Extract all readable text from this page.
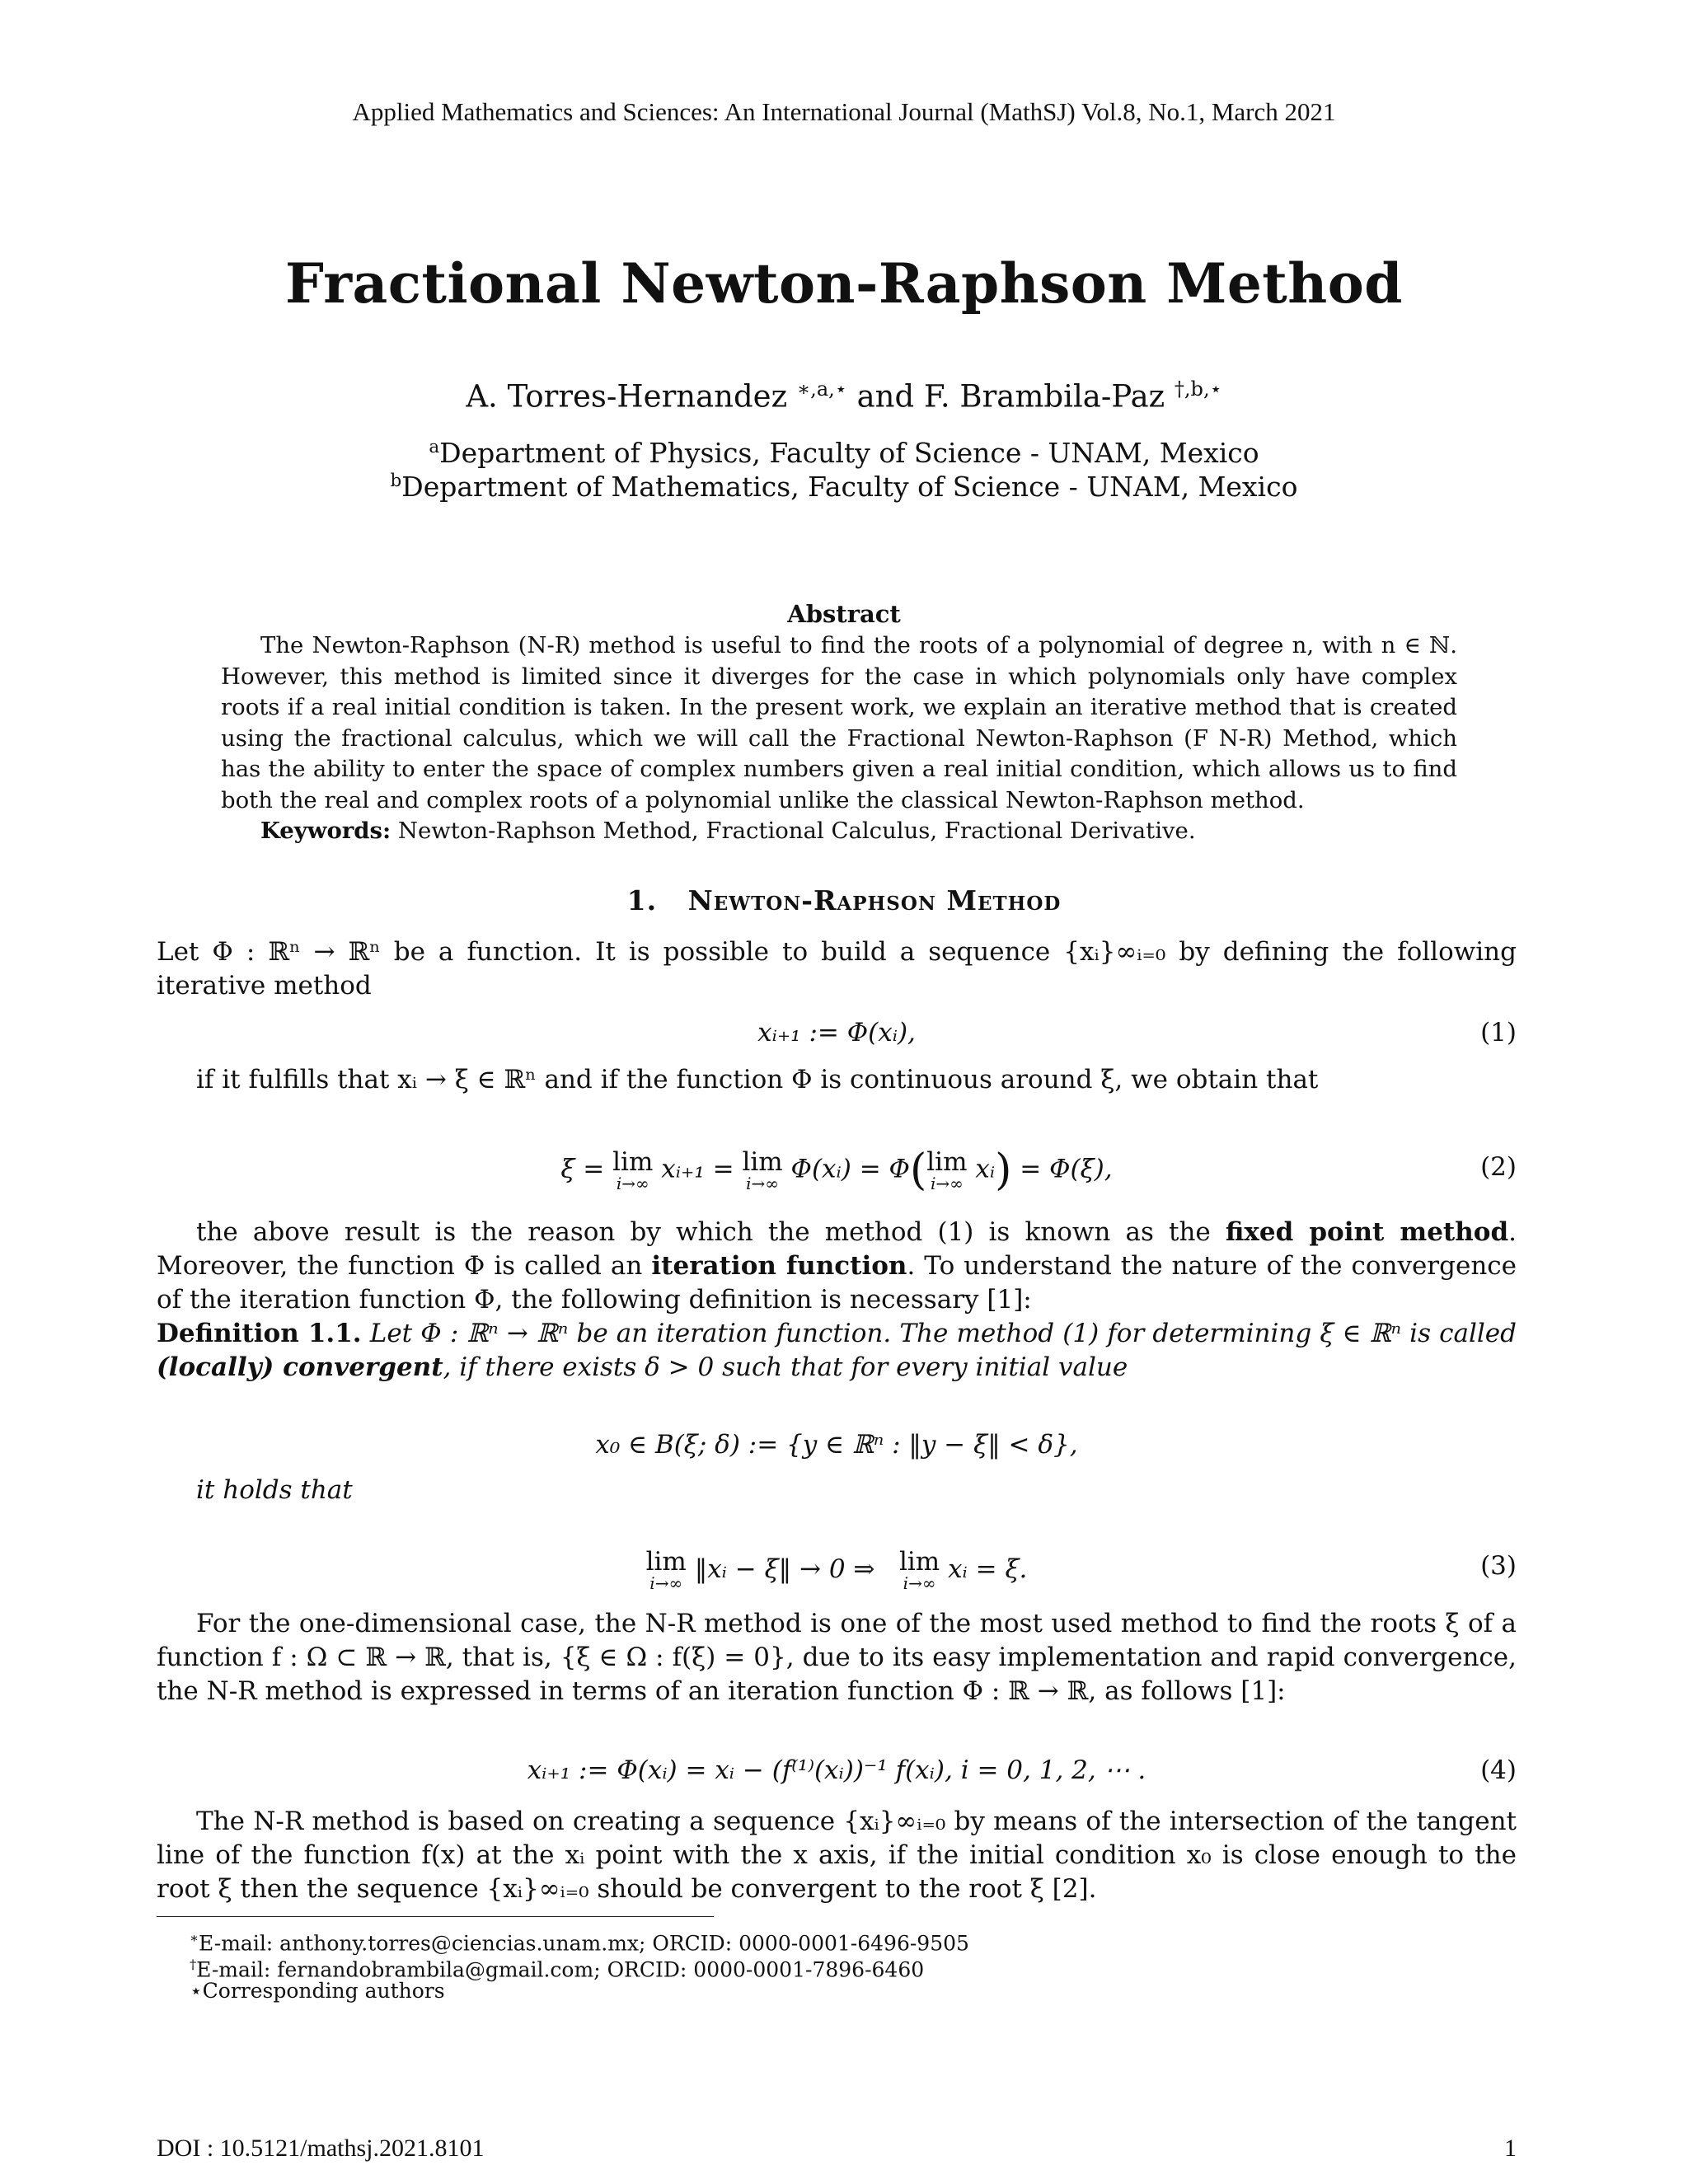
Applied Mathematics and Sciences: An International Journal (MathSJ) Vol.8, No.1, March 2021
Fractional Newton-Raphson Method
A. Torres-Hernandez $^{∗,a,⋆}$ and F. Brambila-Paz $^{\dagger,b,⋆}$
$^a$Department of Physics, Faculty of Science - UNAM, Mexico
$^b$Department of Mathematics, Faculty of Science - UNAM, Mexico
Abstract

The Newton-Raphson (N-R) method is useful to find the roots of a polynomial of degree n, with n ∈ ℕ. However, this method is limited since it diverges for the case in which polynomials only have complex roots if a real initial condition is taken. In the present work, we explain an iterative method that is created using the fractional calculus, which we will call the Fractional Newton-Raphson (F N-R) Method, which has the ability to enter the space of complex numbers given a real initial condition, which allows us to find both the real and complex roots of a polynomial unlike the classical Newton-Raphson method.

Keywords: Newton-Raphson Method, Fractional Calculus, Fractional Derivative.

1. Newton-Raphson Method

Let Φ : ℝⁿ → ℝⁿ be a function. It is possible to build a sequence {xᵢ}∞ᵢ₌₀ by defining the following iterative method

xᵢ₊₁ := Φ(xᵢ),	(1)

if it fulfills that xᵢ → ξ ∈ ℝⁿ and if the function Φ is continuous around ξ, we obtain that

ξ = lim
i→∞ xᵢ₊₁ = lim
i→∞ Φ(xᵢ) = Φ(lim
i→∞ xᵢ) = Φ(ξ),	(2)

the above result is the reason by which the method (1) is known as the fixed point method. Moreover, the function Φ is called an iteration function. To understand the nature of the convergence of the iteration function Φ, the following definition is necessary [1]:

Definition 1.1. Let Φ : ℝⁿ → ℝⁿ be an iteration function. The method (1) for determining ξ ∈ ℝⁿ is called (locally) convergent, if there exists δ > 0 such that for every initial value

x₀ ∈ B(ξ; δ) := {y ∈ ℝⁿ : ‖y − ξ‖ < δ},
it holds that
lim
i→∞ ‖xᵢ − ξ‖ → 0 ⇒ lim
i→∞ xᵢ = ξ.	(3)

For the one-dimensional case, the N-R method is one of the most used method to find the roots ξ of a function f : Ω ⊂ ℝ → ℝ, that is, {ξ ∈ Ω : f(ξ) = 0}, due to its easy implementation and rapid convergence, the N-R method is expressed in terms of an iteration function Φ : ℝ → ℝ, as follows [1]:

xᵢ₊₁ := Φ(xᵢ) = xᵢ − (f⁽¹⁾(xᵢ))⁻¹ f(xᵢ), i = 0, 1, 2, ⋯ .	(4)

The N-R method is based on creating a sequence {xᵢ}∞ᵢ₌₀ by means of the intersection of the tangent line of the function f(x) at the xᵢ point with the x axis, if the initial condition x₀ is close enough to the root ξ then the sequence {xᵢ}∞ᵢ₌₀ should be convergent to the root ξ [2].

∗E-mail: anthony.torres@ciencias.unam.mx; ORCID: 0000-0001-6496-9505
†E-mail: fernandobrambila@gmail.com; ORCID: 0000-0001-7896-6460
⋆Corresponding authors
DOI : 10.5121/mathsj.2021.8101	1
